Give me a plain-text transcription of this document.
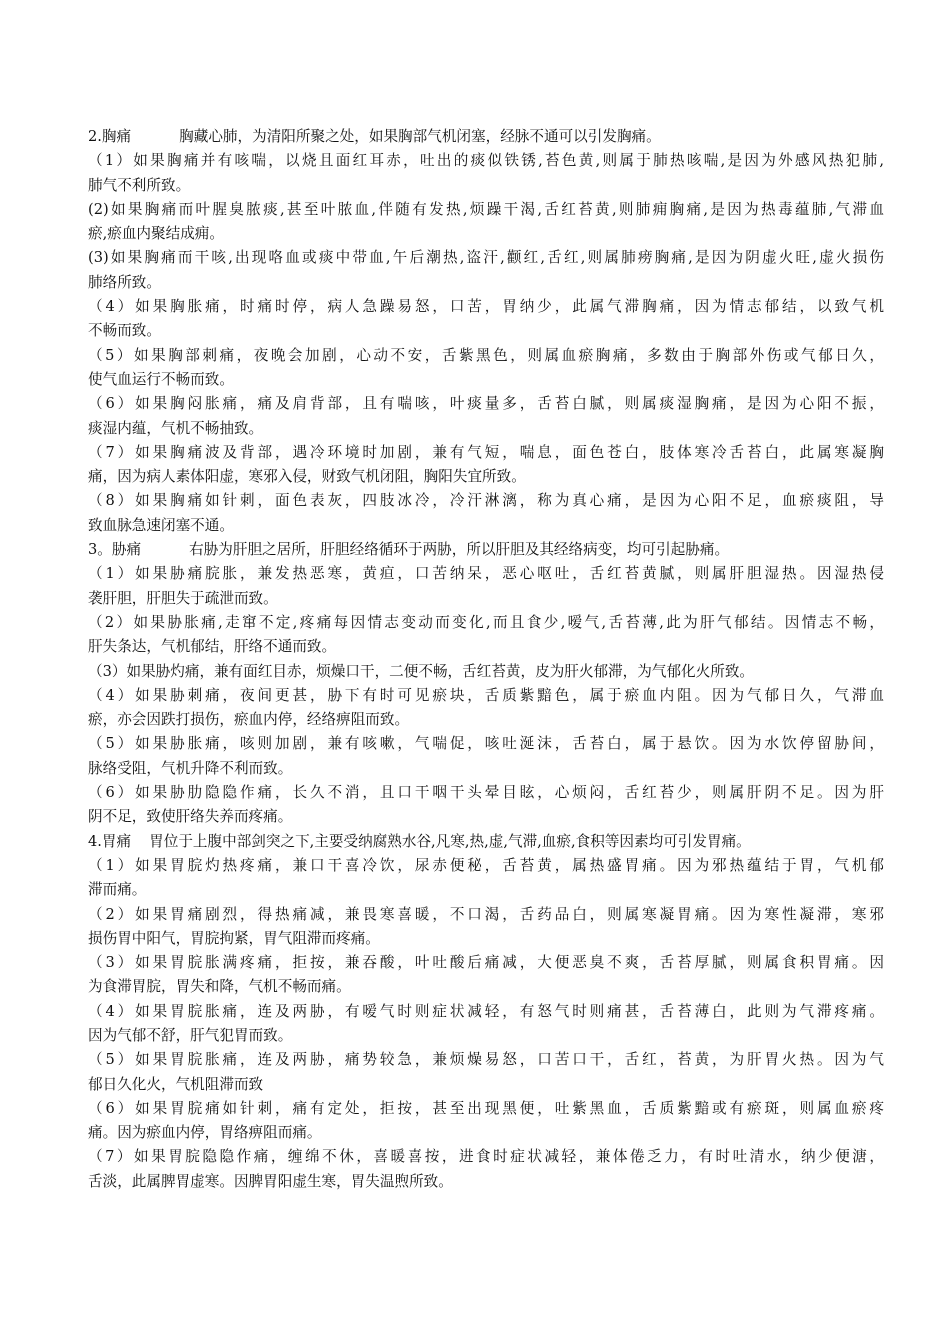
2.胸痛	胸藏心肺，为清阳所聚之处，如果胸部气机闭塞，经脉不通可以引发胸痛。
（1）如果胸痛并有咳喘，以烧且面红耳赤，吐出的痰似铁锈,苔色黄,则属于肺热咳喘,是因为外感风热犯肺,
肺气不利所致。
(2)如果胸痛而叶腥臭脓痰,甚至叶脓血,伴随有发热,烦躁干渴,舌红苔黄,则肺痈胸痛,是因为热毒蕴肺,气滞血
瘀,瘀血内聚结成痈。
(3)如果胸痛而干咳,出现咯血或痰中带血,午后潮热,盗汗,颧红,舌红,则属肺痨胸痛,是因为阴虚火旺,虚火损伤
肺络所致。
（4）如果胸胀痛，时痛时停，病人急躁易怒，口苦，胃纳少，此属气滞胸痛，因为情志郁结，以致气机
不畅而致。
（5）如果胸部刺痛，夜晚会加剧，心动不安，舌紫黑色，则属血瘀胸痛，多数由于胸部外伤或气郁日久，
使气血运行不畅而致。
（6）如果胸闷胀痛，痛及肩背部，且有喘咳，叶痰量多，舌苔白腻，则属痰湿胸痛，是因为心阳不振，
痰湿内蕴，气机不畅抽致。
（7）如果胸痛波及背部，遇冷环境时加剧，兼有气短，喘息，面色苍白，肢体寒冷舌苔白，此属寒凝胸
痛，因为病人素体阳虚，寒邪入侵，财致气机闭阻，胸阳失宜所致。
（8）如果胸痛如针刺，面色表灰，四肢冰冷，冷汗淋漓，称为真心痛，是因为心阳不足，血瘀痰阻，导
致血脉急速闭塞不通。
3。胁痛	右胁为肝胆之居所，肝胆经络循环于两胁，所以肝胆及其经络病变，均可引起胁痛。
（1）如果胁痛脘胀，兼发热恶寒，黄疸，口苦纳呆，恶心呕吐，舌红苔黄腻，则属肝胆湿热。因湿热侵
袭肝胆，肝胆失于疏泄而致。
（2）如果胁胀痛,走窜不定,疼痛每因情志变动而变化,而且食少,嗳气,舌苔薄,此为肝气郁结。因情志不畅，
肝失条达，气机郁结，肝络不通而致。
（3）如果胁灼痛，兼有面红目赤，烦燥口干，二便不畅，舌红苔黄，皮为肝火郁滞，为气郁化火所致。
（4）如果胁刺痛，夜间更甚，胁下有时可见瘀块，舌质紫黯色，属于瘀血内阻。因为气郁日久，气滞血
瘀，亦会因跌打损伤，瘀血内停，经络痹阻而致。
（5）如果胁胀痛，咳则加剧，兼有咳嗽，气喘促，咳吐涎沫，舌苔白，属于悬饮。因为水饮停留胁间，
脉络受阻，气机升降不利而致。
（6）如果胁肋隐隐作痛，长久不消，且口干咽干头晕目眩，心烦闷，舌红苔少，则属肝阴不足。因为肝
阴不足，致使肝络失养而疼痛。
4.胃痛 胃位于上腹中部剑突之下,主要受纳腐熟水谷,凡寒,热,虚,气滞,血瘀,食积等因素均可引发胃痛。
（1）如果胃脘灼热疼痛，兼口干喜冷饮，尿赤便秘，舌苔黄，属热盛胃痛。因为邪热蕴结于胃，气机郁
滞而痛。
（2）如果胃痛剧烈，得热痛减，兼畏寒喜暖，不口渴，舌药品白，则属寒凝胃痛。因为寒性凝滞，寒邪
损伤胃中阳气，胃脘拘紧，胃气阻滞而疼痛。
（3）如果胃脘胀满疼痛，拒按，兼吞酸，叶吐酸后痛减，大便恶臭不爽，舌苔厚腻，则属食积胃痛。因
为食滞胃脘，胃失和降，气机不畅而痛。
（4）如果胃脘胀痛，连及两胁，有嗳气时则症状减轻，有怒气时则痛甚，舌苔薄白，此则为气滞疼痛。
因为气郁不舒，肝气犯胃而致。
（5）如果胃脘胀痛，连及两胁，痛势较急，兼烦燥易怒，口苦口干，舌红，苔黄，为肝胃火热。因为气
郁日久化火，气机阻滞而致
（6）如果胃脘痛如针刺，痛有定处，拒按，甚至出现黑便，吐紫黑血，舌质紫黯或有瘀斑，则属血瘀疼
痛。因为瘀血内停，胃络痹阻而痛。
（7）如果胃脘隐隐作痛，缠绵不休，喜暖喜按，进食时症状减轻，兼体倦乏力，有时吐清水，纳少便溏，
舌淡，此属脾胃虚寒。因脾胃阳虚生寒，胃失温煦所致。
